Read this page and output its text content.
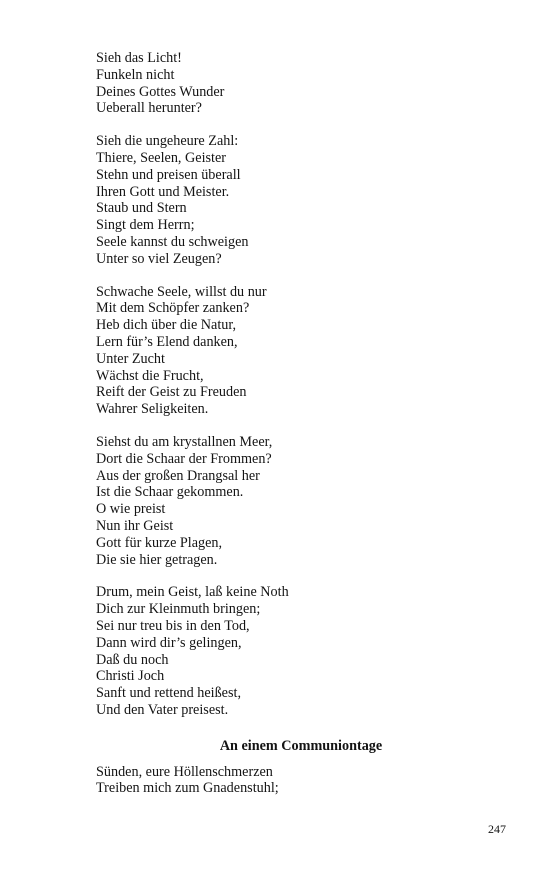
Sieh das Licht!
Funkeln nicht
Deines Gottes Wunder
Ueberall herunter?
Sieh die ungeheure Zahl:
Thiere, Seelen, Geister
Stehn und preisen überall
Ihren Gott und Meister.
Staub und Stern
Singt dem Herrn;
Seele kannst du schweigen
Unter so viel Zeugen?
Schwache Seele, willst du nur
Mit dem Schöpfer zanken?
Heb dich über die Natur,
Lern für’s Elend danken,
Unter Zucht
Wächst die Frucht,
Reift der Geist zu Freuden
Wahrer Seligkeiten.
Siehst du am krystallnen Meer,
Dort die Schaar der Frommen?
Aus der großen Drangsal her
Ist die Schaar gekommen.
O wie preist
Nun ihr Geist
Gott für kurze Plagen,
Die sie hier getragen.
Drum, mein Geist, laß keine Noth
Dich zur Kleinmuth bringen;
Sei nur treu bis in den Tod,
Dann wird dir’s gelingen,
Daß du noch
Christi Joch
Sanft und rettend heißest,
Und den Vater preisest.
An einem Communiontage
Sünden, eure Höllenschmerzen
Treiben mich zum Gnadenstuhl;
247
